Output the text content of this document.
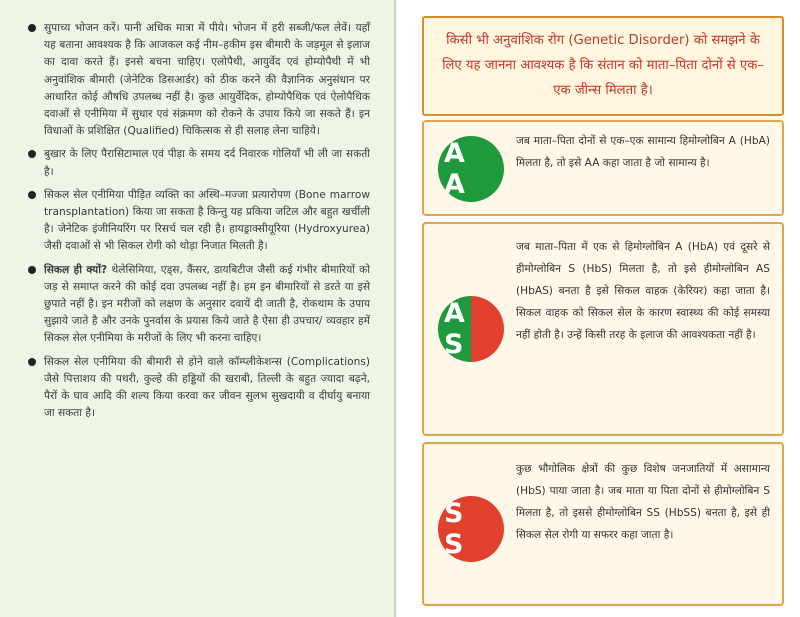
सुपाच्य भोजन करें। पानी अधिक मात्रा में पीये। भोजन में हरी सब्जी/फल लेवें। यहाँ यह बताना आवश्यक है कि आजकल कई नीम–हकीम इस बीमारी के जड़मूल से इलाज का दावा करते हैं। इनसे बचना चाहिए। एलोपैथी, आयुर्वेद एवं होम्योपैथी में भी अनुवांशिक बीमारी (जेनेटिक डिसआर्डर) को ठीक करने की वैज्ञानिक अनुसंधान पर आधारित कोई औषधि उपलब्ध नहीं है। कुछ आयुर्वेदिक, होम्योपैथिक एवं ऐलोपैथिक दवाओं से एनीमिया में सुधार एवं संक्रमण को रोकने के उपाय किये जा सकते हैं। इन विधाओं के प्रशिक्षित (Qualified) चिकित्सक से ही सलाह लेना चाहिये।
बुखार के लिए पैरासिटामाल एवं पीड़ा के समय दर्द निवारक गोलियाँ भी ली जा सकती है।
सिकल सेल एनीमिया पीड़ित व्यक्ति का अस्थि–मज्जा प्रत्यारोपण (Bone marrow transplantation) किया जा सकता है किन्तु यह प्रकिया जटिल और बहुत खर्चीली है। जेनेटिक इंजीनियरिंग पर रिसर्च चल रही है। हायड्राक्सीयूरिया (Hydroxyurea) जैसी दवाओं से भी सिकल रोगी को थोड़ा निजात मिलती है।
सिकल ही क्यों? थेलेसिमिया, एड्स, कैंसर, डायबिटीज जैसी कई गंभीर बीमारियों को जड़ से समाप्त करने की कोई दवा उपलब्ध नहीं है। हम इन बीमारियों से डरते या इसे छुपाते नहीं है। इन मरीजों को लक्षण के अनुसार दवायें दी जाती है, रोकथाम के उपाय सुझाये जाते है और उनके पुनर्वास के प्रयास किये जाते है ऐसा ही उपचार/ व्यवहार हमें सिकल सेल एनीमिया के मरीजों के लिए भी करना चाहिए।
सिकल सेल एनीमिया की बीमारी से होने वाले कॉम्प्लीकेशन्स (Complications) जैसे पित्ताशय की पथरी, कुल्हे की हड्डियों की खराबी, तिल्ली के बहुत ज्यादा बढ़ने, पैरों के घाव आदि की शल्य किया करवा कर जीवन सुलभ सुखदायी व दीर्घायु बनाया जा सकता है।
किसी भी अनुवांशिक रोग (Genetic Disorder) को समझने के लिए यह जानना आवश्यक है कि संतान को माता–पिता दोनों से एक–एक जीन्स मिलता है।
A A
जब माता–पिता दोनों से एक–एक सामान्य हिमोग्लोबिन A (HbA) मिलता है, तो इसे AA कहा जाता है जो सामान्य है।
A S
जब माता–पिता में एक से हिमोग्लोबिन A (HbA) एवं दूसरे से हीमोग्लोबिन S (HbS) मिलता है, तो इसे हीमोग्लोबिन AS (HbAS) बनता है इसे सिकल वाहक (केरियर) कहा जाता है। सिकल वाहक को सिकल सेल के कारण स्वास्थ्य की कोई समस्या नहीं होती है। उन्हें किसी तरह के इलाज की आवश्यकता नहीं है।
S S
कुछ भौगोलिक क्षेत्रों की कुछ विशेष जनजातियों में असामान्य (HbS) पाया जाता है। जब माता या पिता दोनों से हीमोग्लोबिन S मिलता है, तो इससे हीमोग्लोबिन SS (HbSS) बनता है, इसे ही सिकल सेल रोगी या सफरर कहा जाता है।
